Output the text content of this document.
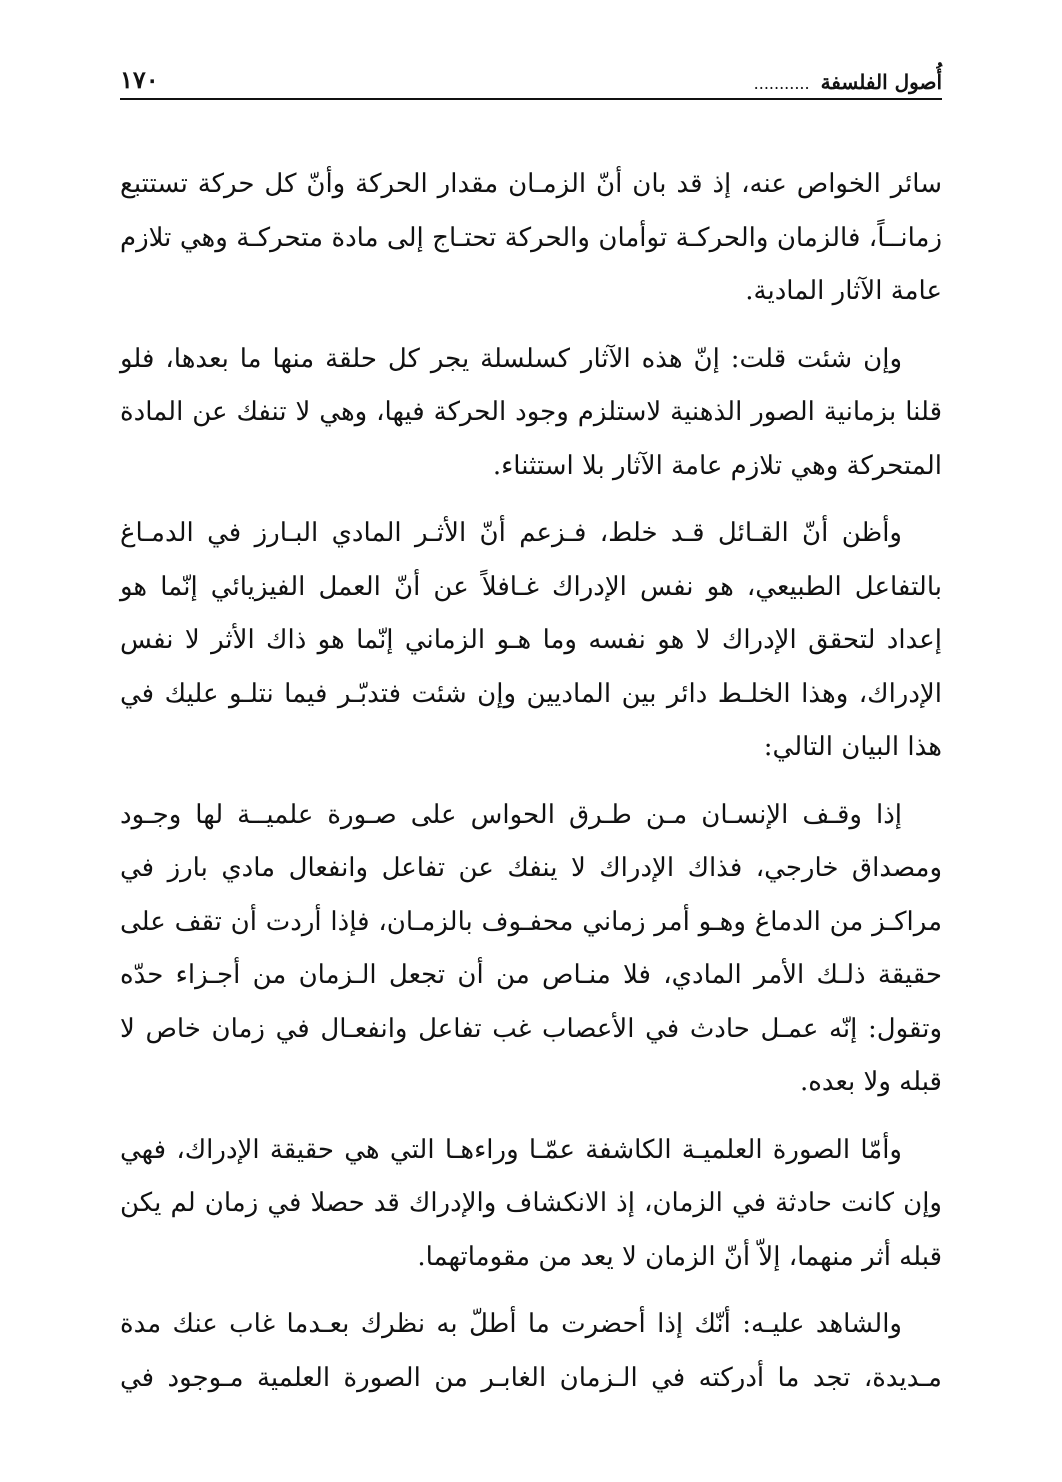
أُصول الفلسفة ...........
١٧٠

سائر الخواص عنه، إذ قد بان أنّ الزمـان مقدار الحركة وأنّ كل حركة تستتبع زمانــاً، فالزمان والحركـة توأمان والحركة تحتـاج إلى مادة متحركـة وهي تلازم عامة الآثار المادية.

وإن شئت قلت: إنّ هذه الآثار كسلسلة يجر كل حلقة منها ما بعدها، فلو قلنا بزمانية الصور الذهنية لاستلزم وجود الحركة فيها، وهي لا تنفك عن المادة المتحركة وهي تلازم عامة الآثار بلا استثناء.

وأظن أنّ القـائل قـد خلط، فـزعم أنّ الأثـر المادي البـارز في الدمـاغ بالتفاعل الطبيعي، هو نفس الإدراك غـافلاً عن أنّ العمل الفيزيائي إنّما هو إعداد لتحقق الإدراك لا هو نفسه وما هـو الزماني إنّما هو ذاك الأثر لا نفس الإدراك، وهذا الخلـط دائر بين الماديين وإن شئت فتدبّـر فيما نتلـو عليك في هذا البيان التالي:

إذا وقـف الإنسـان مـن طـرق الحواس على صـورة علميــة لها وجـود ومصداق خارجي، فذاك الإدراك لا ينفك عن تفاعل وانفعال مادي بارز في مراكـز من الدماغ وهـو أمر زماني محفـوف بالزمـان، فإذا أردت أن تقف على حقيقة ذلـك الأمر المادي، فلا منـاص من أن تجعل الـزمان من أجـزاء حدّه وتقول: إنّه عمـل حادث في الأعصاب غب تفاعل وانفعـال في زمان خاص لا قبله ولا بعده.

وأمّا الصورة العلميـة الكاشفة عمّـا وراءهـا التي هي حقيقة الإدراك، فهي وإن كانت حادثة في الزمان، إذ الانكشاف والإدراك قد حصلا في زمان لم يكن قبله أثر منهما، إلاّ أنّ الزمان لا يعد من مقوماتهما.

والشاهد عليـه: أنّك إذا أحضرت ما أطلّ به نظرك بعـدما غاب عنك مدة مـديدة، تجد ما أدركته في الـزمان الغابـر من الصورة العلمية مـوجود في
